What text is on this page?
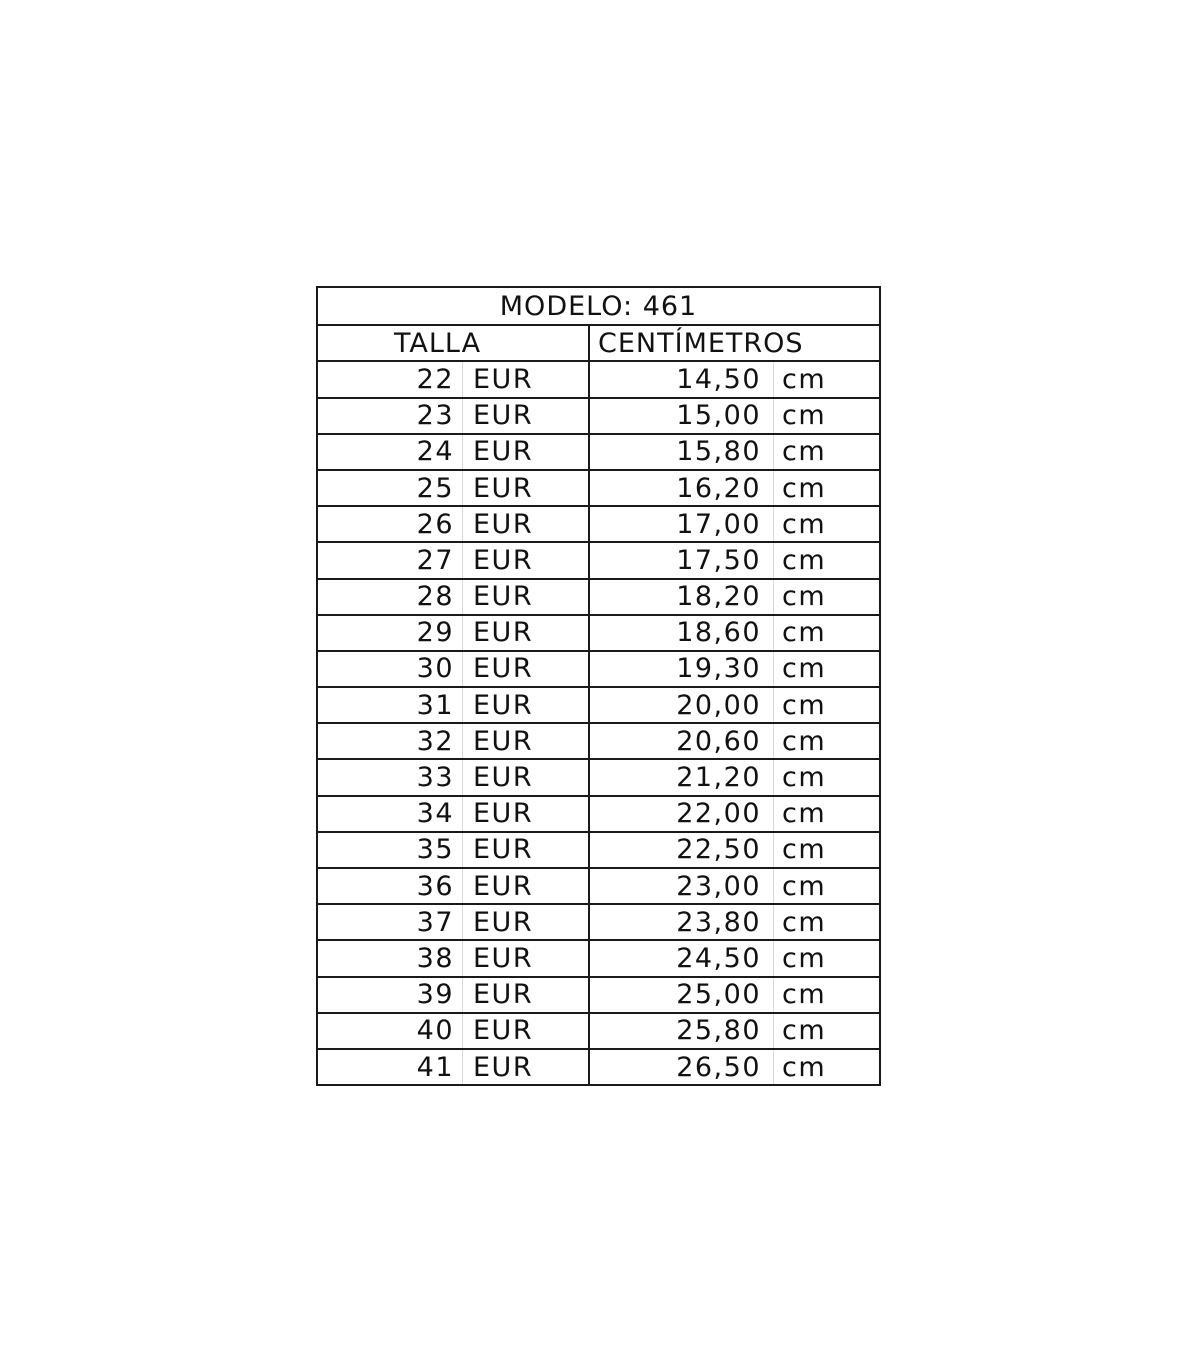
MODELO: 461
TALLA	CENTÍMETROS
22 EUR	14,50 cm
23 EUR	15,00 cm
24 EUR	15,80 cm
25 EUR	16,20 cm
26 EUR	17,00 cm
27 EUR	17,50 cm
28 EUR	18,20 cm
29 EUR	18,60 cm
30 EUR	19,30 cm
31 EUR	20,00 cm
32 EUR	20,60 cm
33 EUR	21,20 cm
34 EUR	22,00 cm
35 EUR	22,50 cm
36 EUR	23,00 cm
37 EUR	23,80 cm
38 EUR	24,50 cm
39 EUR	25,00 cm
40 EUR	25,80 cm
41 EUR	26,50 cm
